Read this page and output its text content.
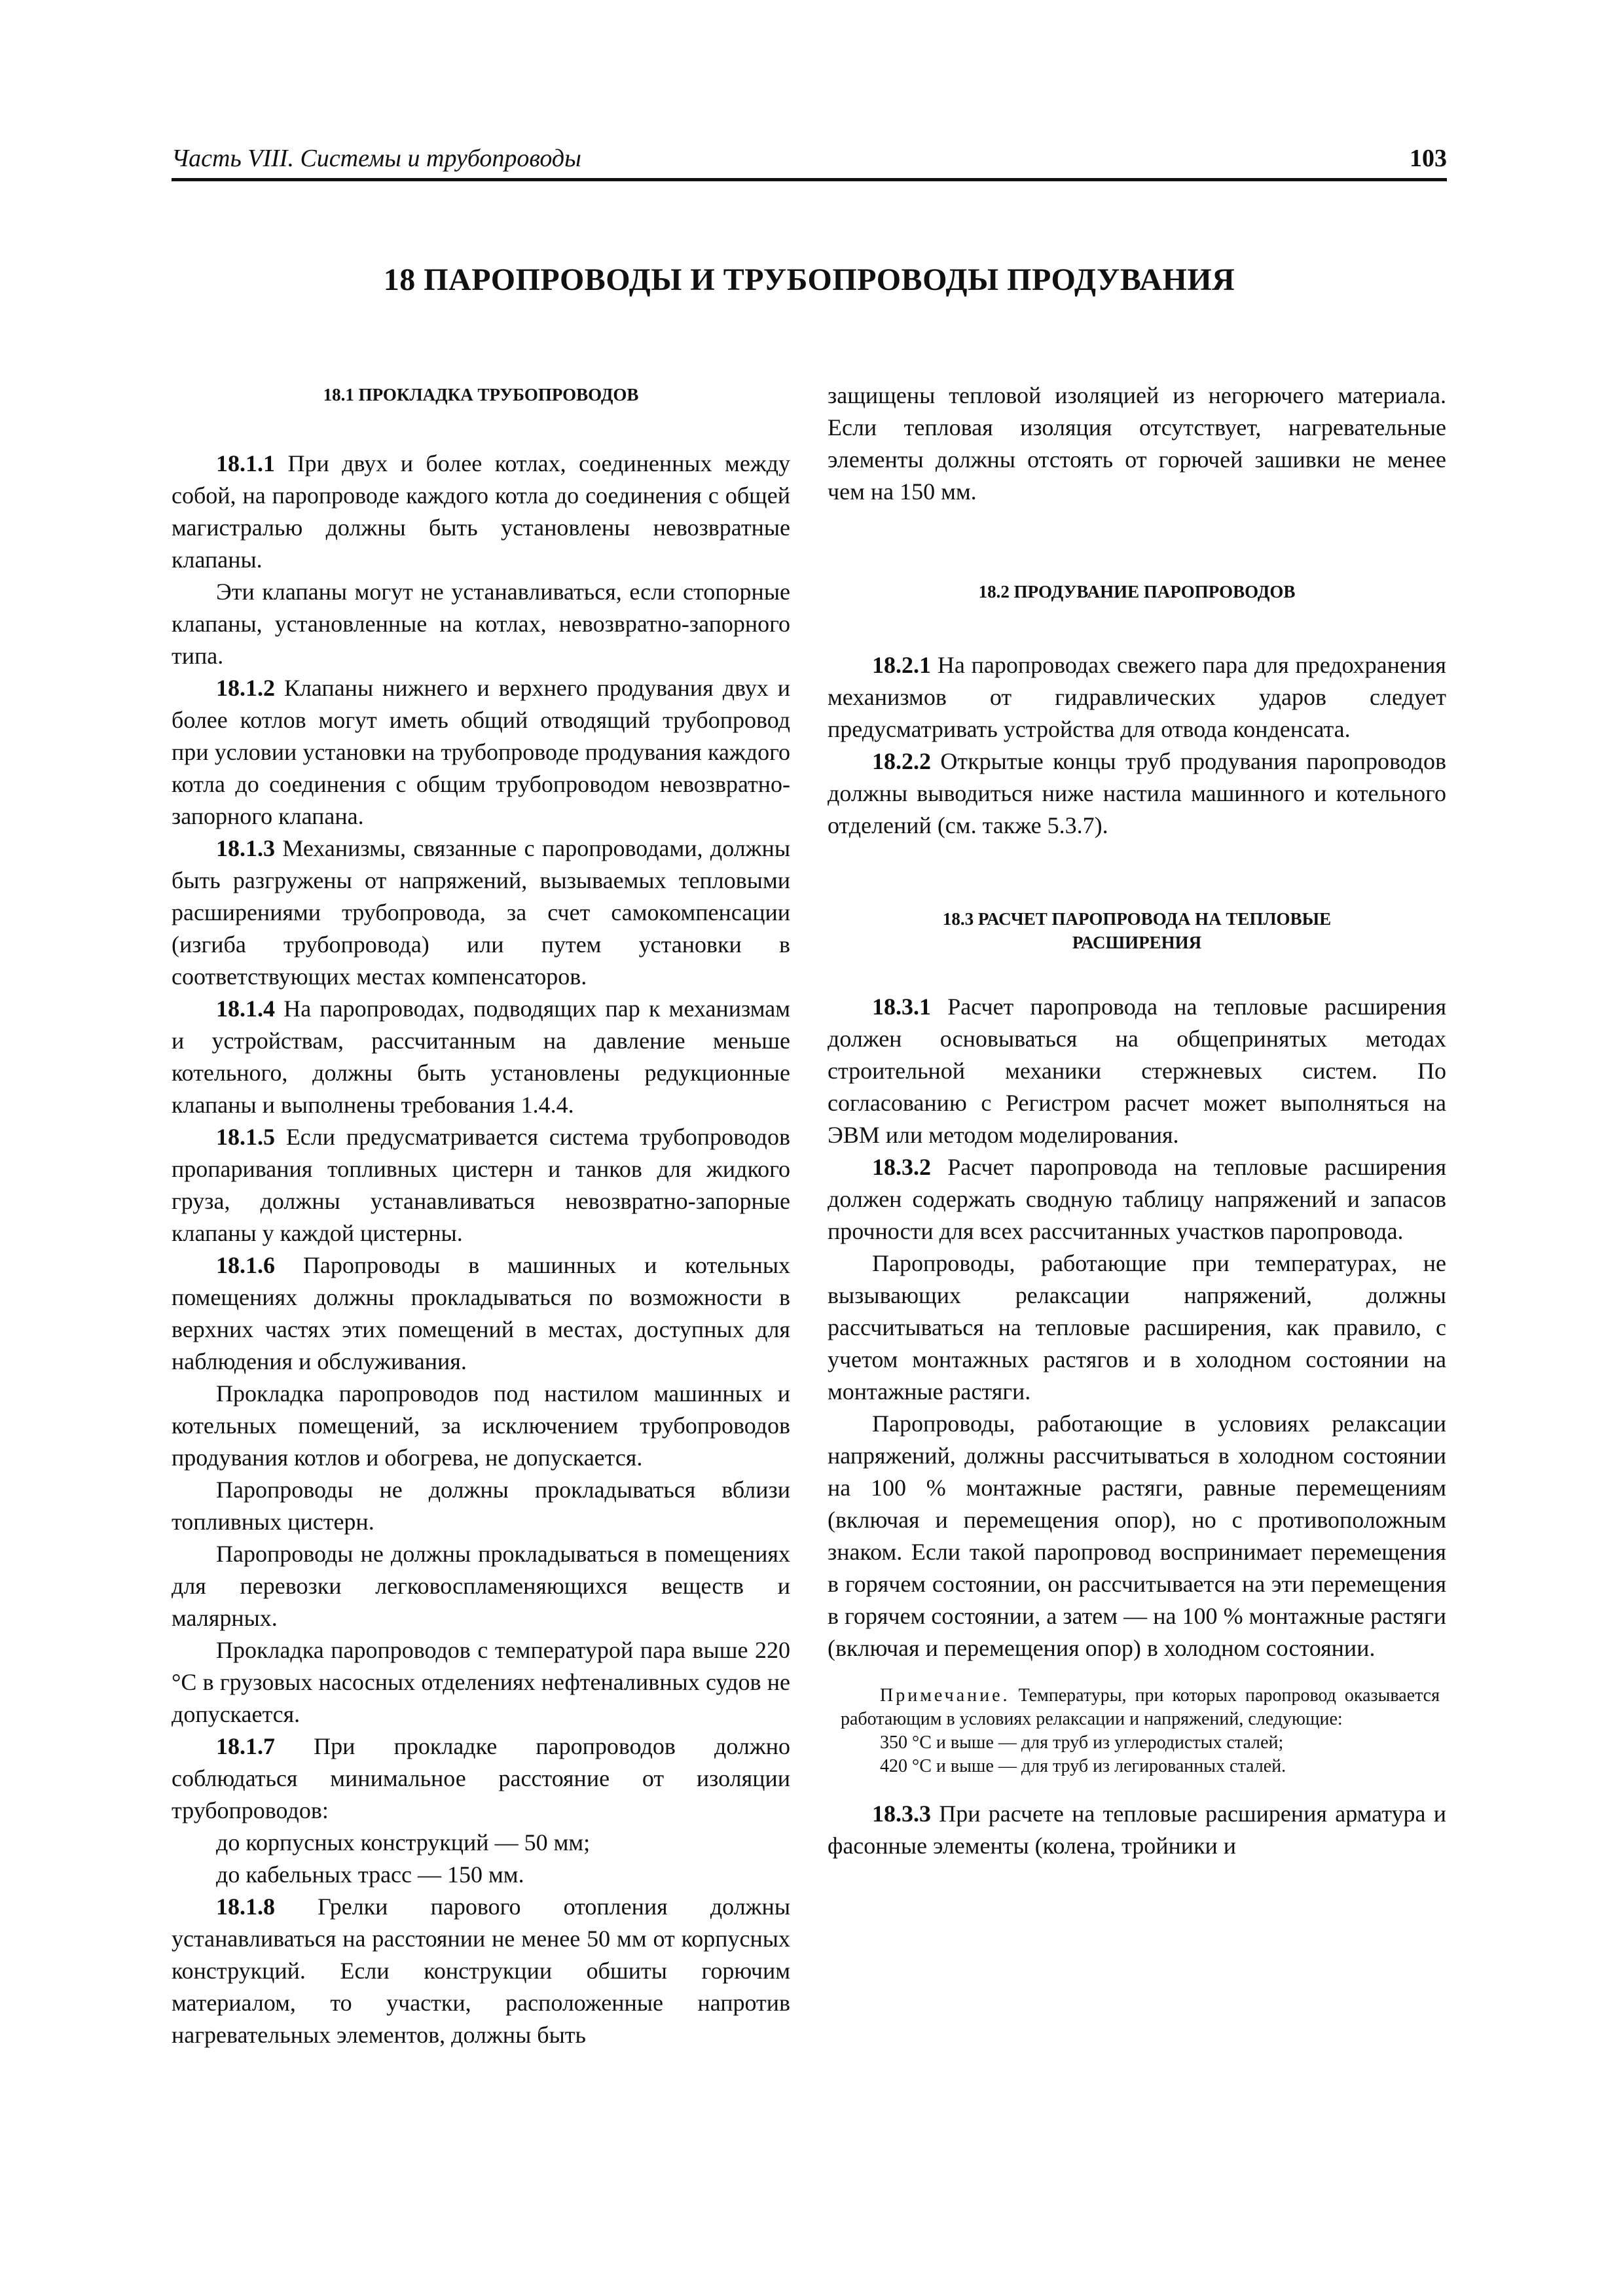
Часть VIII. Системы и трубопроводы	103
18 ПАРОПРОВОДЫ И ТРУБОПРОВОДЫ ПРОДУВАНИЯ
18.1 ПРОКЛАДКА ТРУБОПРОВОДОВ

18.1.1 При двух и более котлах, соединенных между собой, на паропроводе каждого котла до соединения с общей магистралью должны быть установлены невозвратные клапаны.

Эти клапаны могут не устанавливаться, если стопорные клапаны, установленные на котлах, невозвратно-запорного типа.

18.1.2 Клапаны нижнего и верхнего продувания двух и более котлов могут иметь общий отводящий трубопровод при условии установки на трубопроводе продувания каждого котла до соединения с общим трубопроводом невозвратно-запорного клапана.

18.1.3 Механизмы, связанные с паропроводами, должны быть разгружены от напряжений, вызываемых тепловыми расширениями трубопровода, за счет самокомпенсации (изгиба трубопровода) или путем установки в соответствующих местах компенсаторов.

18.1.4 На паропроводах, подводящих пар к механизмам и устройствам, рассчитанным на давление меньше котельного, должны быть установлены редукционные клапаны и выполнены требования 1.4.4.

18.1.5 Если предусматривается система трубопроводов пропаривания топливных цистерн и танков для жидкого груза, должны устанавливаться невозвратно-запорные клапаны у каждой цистерны.

18.1.6 Паропроводы в машинных и котельных помещениях должны прокладываться по возможности в верхних частях этих помещений в местах, доступных для наблюдения и обслуживания.

Прокладка паропроводов под настилом машинных и котельных помещений, за исключением трубопроводов продувания котлов и обогрева, не допускается.

Паропроводы не должны прокладываться вблизи топливных цистерн.

Паропроводы не должны прокладываться в помещениях для перевозки легковоспламеняющихся веществ и малярных.

Прокладка паропроводов с температурой пара выше 220 °С в грузовых насосных отделениях нефтеналивных судов не допускается.

18.1.7 При прокладке паропроводов должно соблюдаться минимальное расстояние от изоляции трубопроводов:

до корпусных конструкций — 50 мм;

до кабельных трасс — 150 мм.

18.1.8 Грелки парового отопления должны устанавливаться на расстоянии не менее 50 мм от корпусных конструкций. Если конструкции обшиты горючим материалом, то участки, расположенные напротив нагревательных элементов, должны быть

защищены тепловой изоляцией из негорючего материала. Если тепловая изоляция отсутствует, нагревательные элементы должны отстоять от горючей зашивки не менее чем на 150 мм.

18.2 ПРОДУВАНИЕ ПАРОПРОВОДОВ

18.2.1 На паропроводах свежего пара для предохранения механизмов от гидравлических ударов следует предусматривать устройства для отвода конденсата.

18.2.2 Открытые концы труб продувания паропроводов должны выводиться ниже настила машинного и котельного отделений (см. также 5.3.7).

18.3 РАСЧЕТ ПАРОПРОВОДА НА ТЕПЛОВЫЕ
РАСШИРЕНИЯ

18.3.1 Расчет паропровода на тепловые расширения должен основываться на общепринятых методах строительной механики стержневых систем. По согласованию с Регистром расчет может выполняться на ЭВМ или методом моделирования.

18.3.2 Расчет паропровода на тепловые расширения должен содержать сводную таблицу напряжений и запасов прочности для всех рассчитанных участков паропровода.

Паропроводы, работающие при температурах, не вызывающих релаксации напряжений, должны рассчитываться на тепловые расширения, как правило, с учетом монтажных растягов и в холодном состоянии на монтажные растяги.

Паропроводы, работающие в условиях релаксации напряжений, должны рассчитываться в холодном состоянии на 100 % монтажные растяги, равные перемещениям (включая и перемещения опор), но с противоположным знаком. Если такой паропровод воспринимает перемещения в горячем состоянии, он рассчитывается на эти перемещения в горячем состоянии, а затем — на 100 % монтажные растяги (включая и перемещения опор) в холодном состоянии.

Примечание. Температуры, при которых паропровод оказывается работающим в условиях релаксации и напряжений, следующие:
350 °С и выше — для труб из углеродистых сталей;
420 °С и выше — для труб из легированных сталей.

18.3.3 При расчете на тепловые расширения арматура и фасонные элементы (колена, тройники и
